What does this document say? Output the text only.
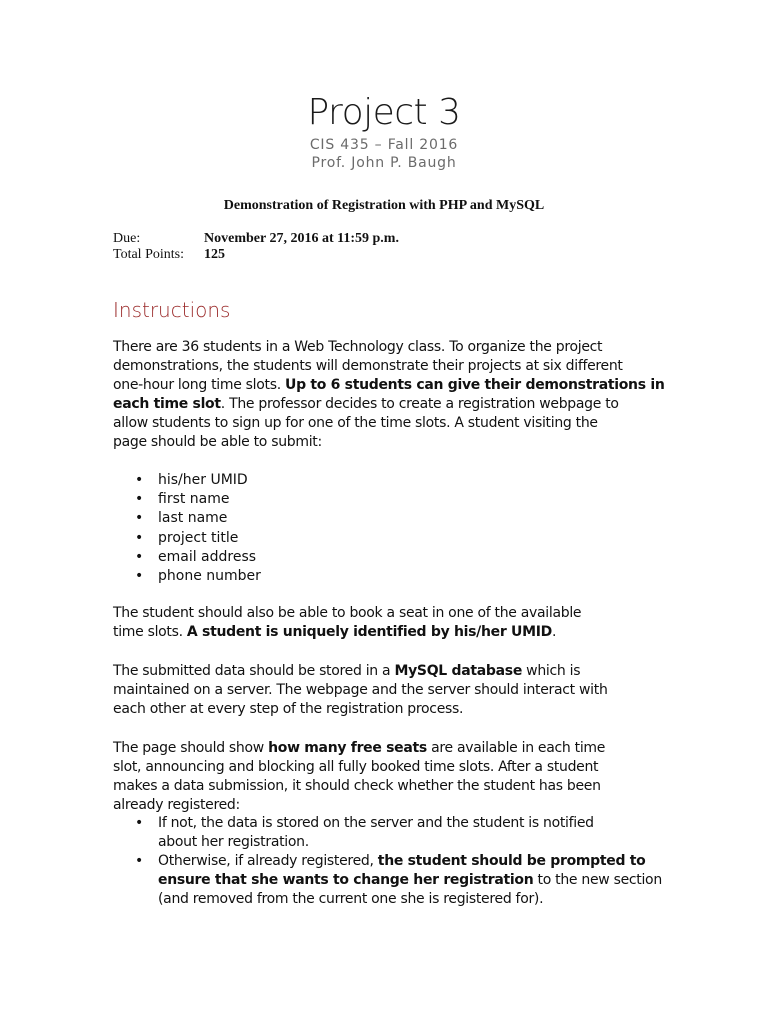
Project 3
CIS 435 – Fall 2016
Prof. John P. Baugh
Demonstration of Registration with PHP and MySQL
Due:	November 27, 2016 at 11:59 p.m.
Total Points: 125
Instructions
There are 36 students in a Web Technology class. To organize the project
demonstrations, the students will demonstrate their projects at six different
one-hour long time slots. Up to 6 students can give their demonstrations in
each time slot. The professor decides to create a registration webpage to
allow students to sign up for one of the time slots. A student visiting the
page should be able to submit:
• his/her UMID
• first name
• last name
• project title
• email address
• phone number
The student should also be able to book a seat in one of the available
time slots. A student is uniquely identified by his/her UMID.
The submitted data should be stored in a MySQL database which is
maintained on a server. The webpage and the server should interact with
each other at every step of the registration process.
The page should show how many free seats are available in each time
slot, announcing and blocking all fully booked time slots. After a student
makes a data submission, it should check whether the student has been
already registered:
• If not, the data is stored on the server and the student is notified
about her registration.
• Otherwise, if already registered, the student should be prompted to
ensure that she wants to change her registration to the new section
(and removed from the current one she is registered for).
